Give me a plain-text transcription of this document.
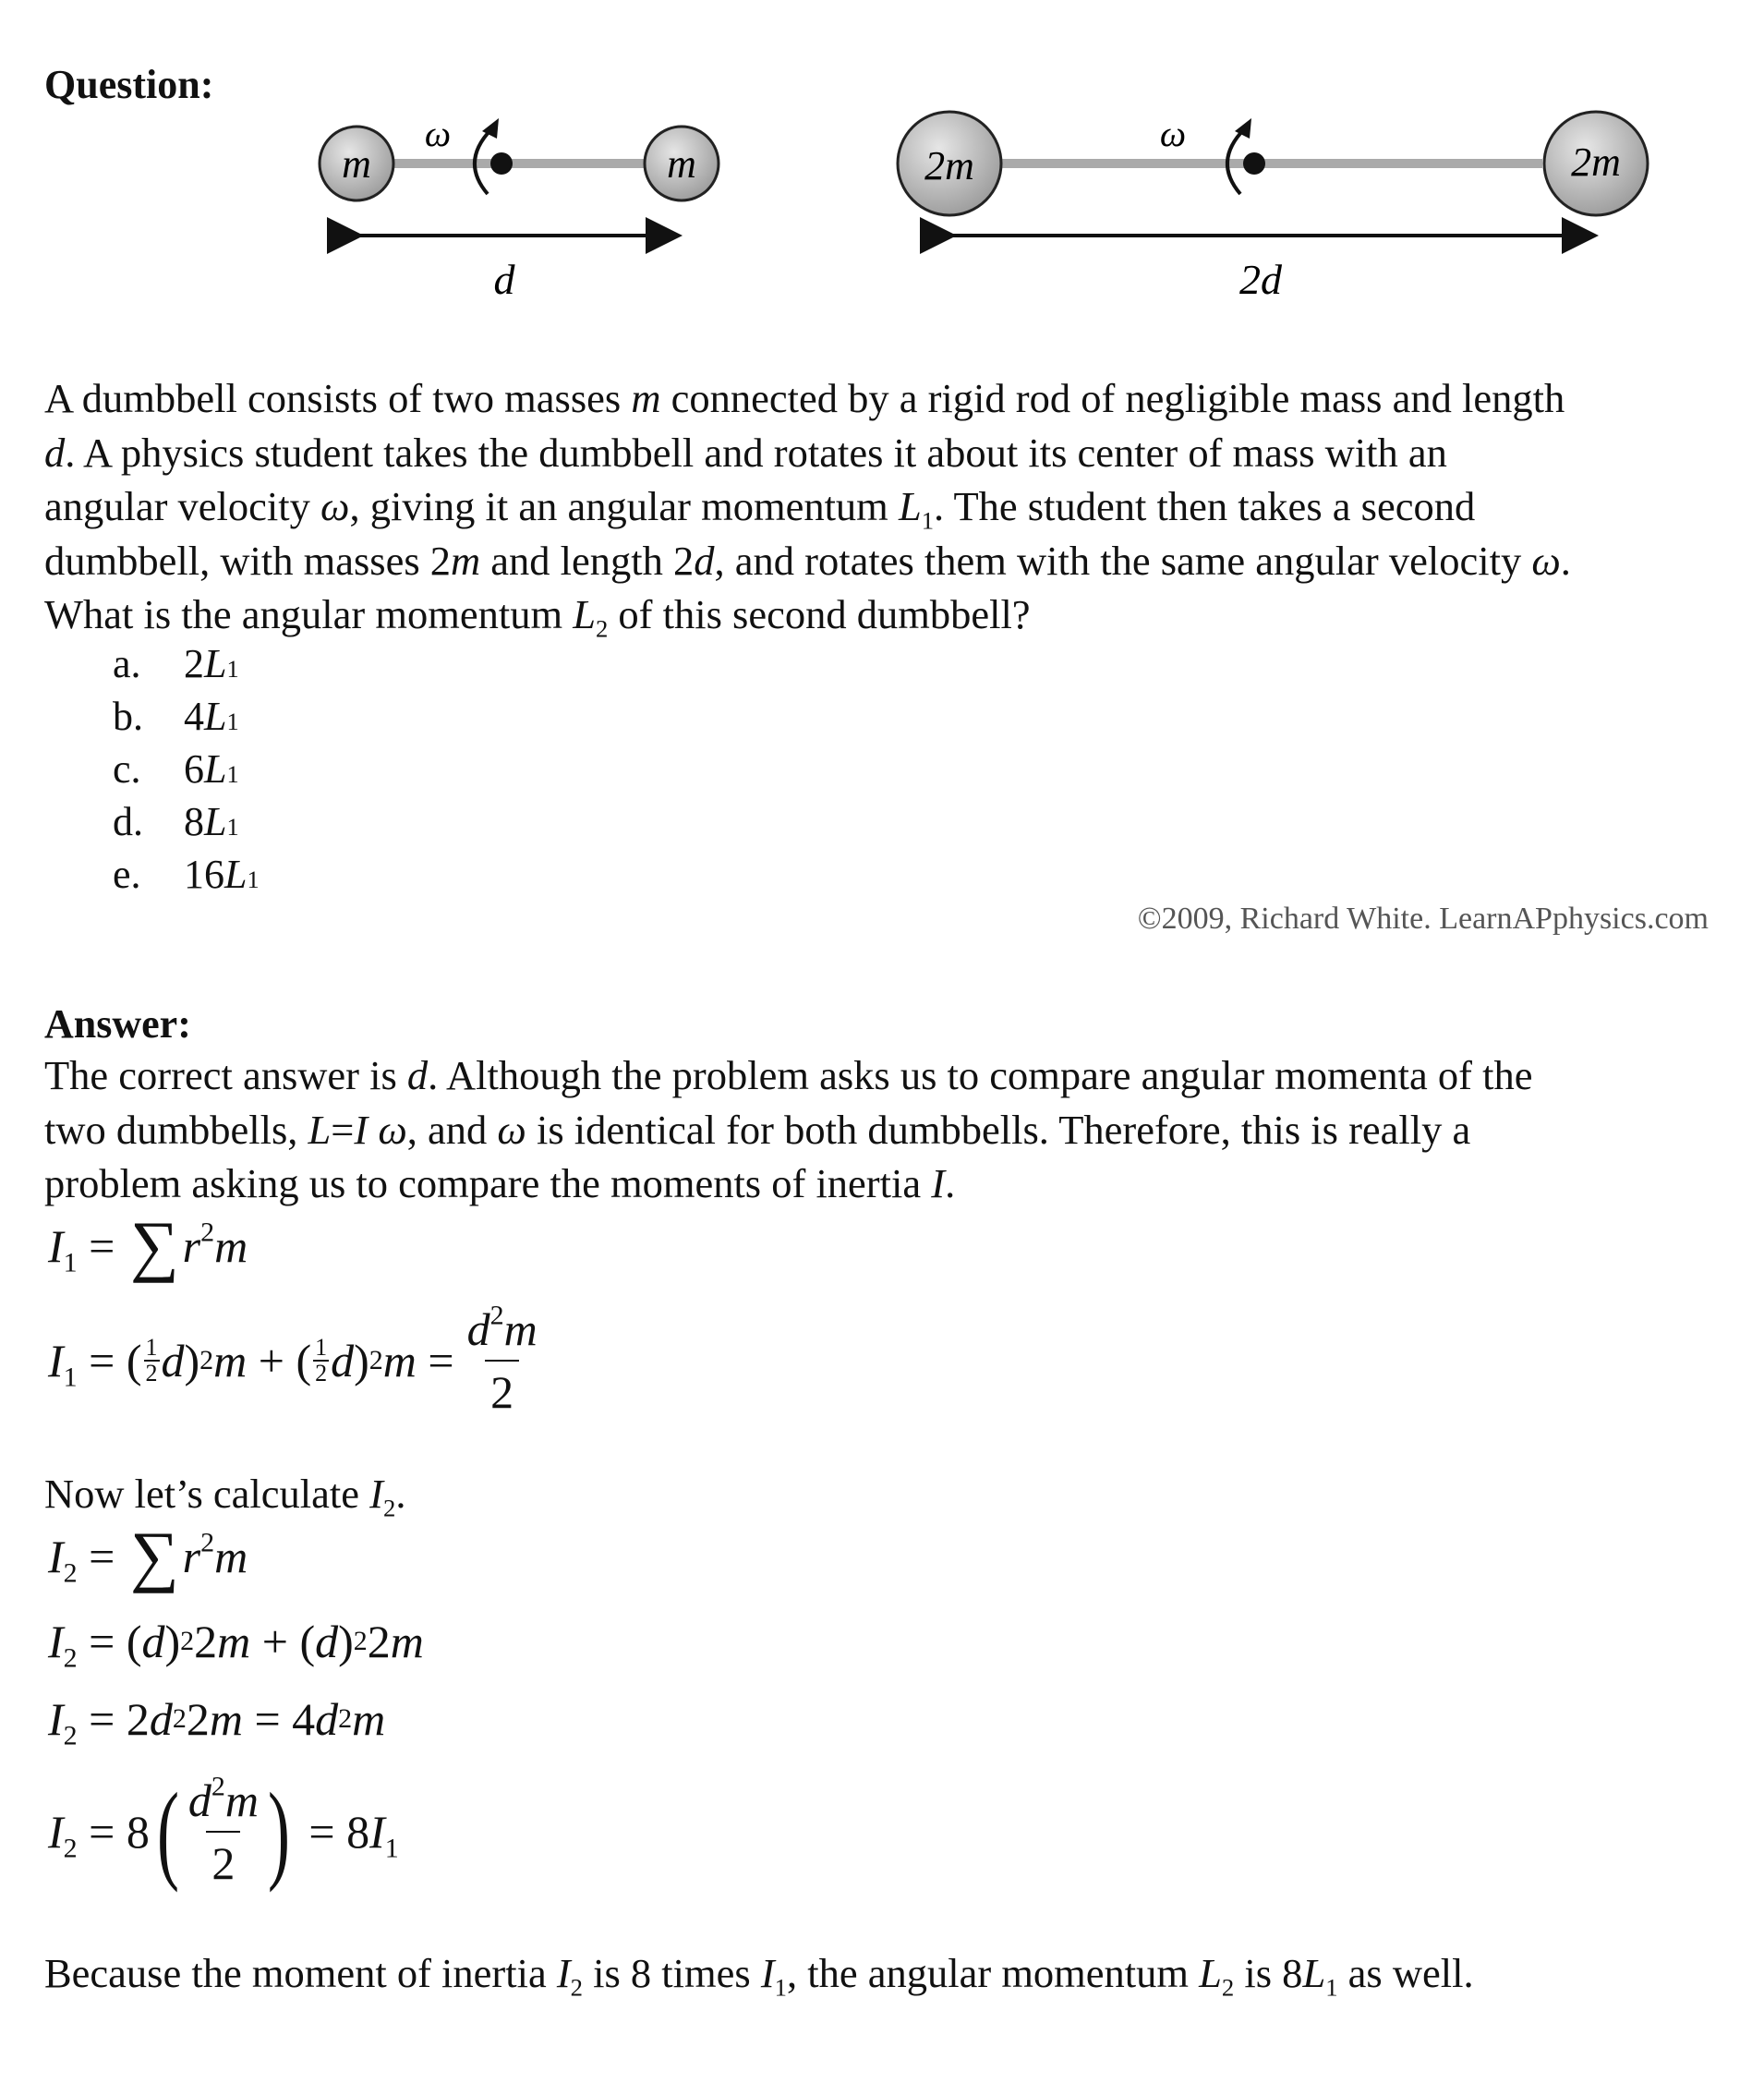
Question:
m	m
ω
d
2m	2m
ω
2d

A dumbbell consists of two masses m connected by a rigid rod of negligible mass and length

d. A physics student takes the dumbbell and rotates it about its center of mass with an

angular velocity ω, giving it an angular momentum $L_1$. The student then takes a second

dumbbell, with masses 2m and length 2d, and rotates them with the same angular velocity ω.

What is the angular momentum $L_2$ of this second dumbbell?

a.	2 L 1
b.	4 L 1
c.	6 L 1
d.	8 L 1
e.	16 L 1
©2009, Richard White. LearnAPphysics.com
Answer:

The correct answer is d. Although the problem asks us to compare angular momenta of the

two dumbbells, L=I ω, and ω is identical for both dumbbells. Therefore, this is really a

problem asking us to compare the moments of inertia I.

$I_1$ = ∑ $r^2m$
$I_1$ = ( 1
2 d ) 2 m + ( 1
2 d ) 2 $m = \frac{d^2m}{2}$

Now let’s calculate $I_2$.

$I_2$ = ∑ $r^2m$
$I_2$ = ( d ) 2 2 m + ( d ) 2 2 m
$I_2 = 2$ d 2 2 m = 4 d 2 m
$I_2 = 8$ ( $\frac{d^2m}{2}$ ) = 8 $I_1$

Because the moment of inertia $I_2$ is 8 times $I_1$, the angular momentum $L_2$ is $8L_1$ as well.
